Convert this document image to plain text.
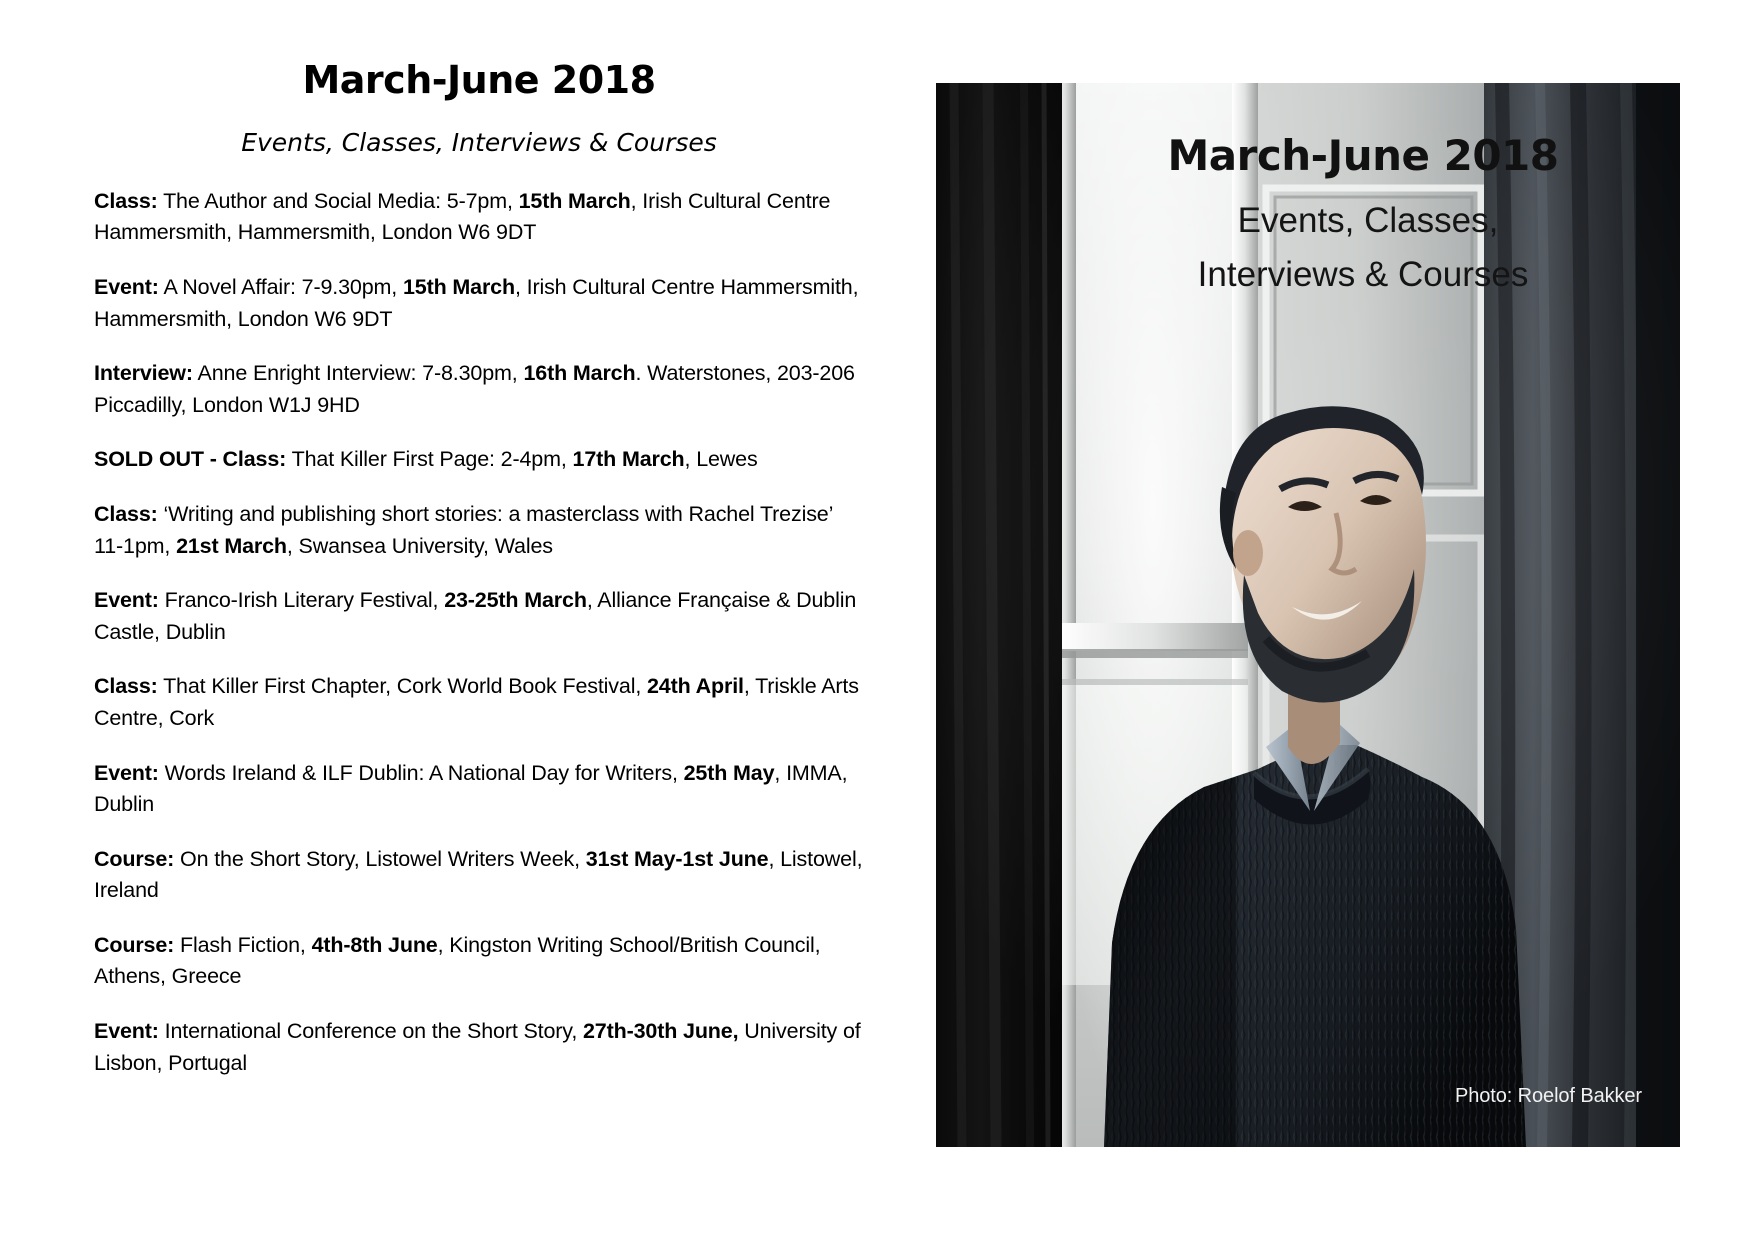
March-June 2018
Events, Classes, Interviews & Courses

Class: The Author and Social Media: 5-7pm, 15th March, Irish Cultural Centre Hammersmith, Hammersmith, London W6 9DT

Event: A Novel Affair: 7-9.30pm, 15th March, Irish Cultural Centre Hammersmith, Hammersmith, London W6 9DT

Interview: Anne Enright Interview: 7-8.30pm, 16th March. Waterstones, 203-206 Piccadilly, London W1J 9HD

SOLD OUT - Class: That Killer First Page: 2-4pm, 17th March, Lewes

Class: ‘Writing and publishing short stories: a masterclass with Rachel Trezise’ 11-1pm, 21st March, Swansea University, Wales

Event: Franco-Irish Literary Festival, 23-25th March, Alliance Française & Dublin Castle, Dublin

Class: That Killer First Chapter, Cork World Book Festival, 24th April, Triskle Arts Centre, Cork

Event: Words Ireland & ILF Dublin: A National Day for Writers, 25th May, IMMA, Dublin

Course: On the Short Story, Listowel Writers Week, 31st May-1st June, Listowel, Ireland

Course: Flash Fiction, 4th-8th June, Kingston Writing School/British Council, Athens, Greece

Event: International Conference on the Short Story, 27th-30th June, University of Lisbon, Portugal

March-June 2018
Events, Classes,
Interviews & Courses
Photo: Roelof Bakker
